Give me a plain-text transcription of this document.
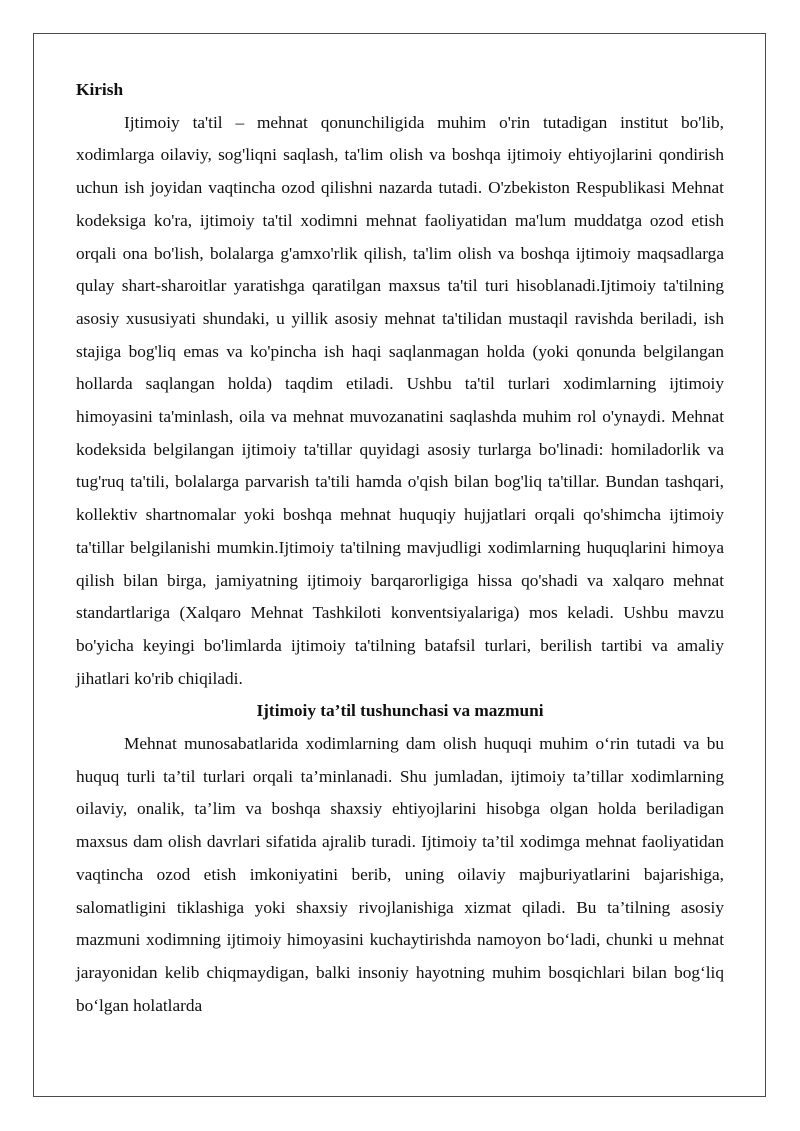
Kirish

Ijtimoiy ta'til – mehnat qonunchiligida muhim o'rin tutadigan institut bo'lib, xodimlarga oilaviy, sog'liqni saqlash, ta'lim olish va boshqa ijtimoiy ehtiyojlarini qondirish uchun ish joyidan vaqtincha ozod qilishni nazarda tutadi. O'zbekiston Respublikasi Mehnat kodeksiga ko'ra, ijtimoiy ta'til xodimni mehnat faoliyatidan ma'lum muddatga ozod etish orqali ona bo'lish, bolalarga g'amxo'rlik qilish, ta'lim olish va boshqa ijtimoiy maqsadlarga qulay shart-sharoitlar yaratishga qaratilgan maxsus ta'til turi hisoblanadi.Ijtimoiy ta'tilning asosiy xususiyati shundaki, u yillik asosiy mehnat ta'tilidan mustaqil ravishda beriladi, ish stajiga bog'liq emas va ko'pincha ish haqi saqlanmagan holda (yoki qonunda belgilangan hollarda saqlangan holda) taqdim etiladi. Ushbu ta'til turlari xodimlarning ijtimoiy himoyasini ta'minlash, oila va mehnat muvozanatini saqlashda muhim rol o'ynaydi. Mehnat kodeksida belgilangan ijtimoiy ta'tillar quyidagi asosiy turlarga bo'linadi: homiladorlik va tug'ruq ta'tili, bolalarga parvarish ta'tili hamda o'qish bilan bog'liq ta'tillar. Bundan tashqari, kollektiv shartnomalar yoki boshqa mehnat huquqiy hujjatlari orqali qo'shimcha ijtimoiy ta'tillar belgilanishi mumkin.Ijtimoiy ta'tilning mavjudligi xodimlarning huquqlarini himoya qilish bilan birga, jamiyatning ijtimoiy barqarorligiga hissa qo'shadi va xalqaro mehnat standartlariga (Xalqaro Mehnat Tashkiloti konventsiyalariga) mos keladi. Ushbu mavzu bo'yicha keyingi bo'limlarda ijtimoiy ta'tilning batafsil turlari, berilish tartibi va amaliy jihatlari ko'rib chiqiladi.

Ijtimoiy ta’til tushunchasi va mazmuni

Mehnat munosabatlarida xodimlarning dam olish huquqi muhim oʻrin tutadi va bu huquq turli ta’til turlari orqali ta’minlanadi. Shu jumladan, ijtimoiy ta’tillar xodimlarning oilaviy, onalik, ta’lim va boshqa shaxsiy ehtiyojlarini hisobga olgan holda beriladigan maxsus dam olish davrlari sifatida ajralib turadi. Ijtimoiy ta’til xodimga mehnat faoliyatidan vaqtincha ozod etish imkoniyatini berib, uning oilaviy majburiyatlarini bajarishiga, salomatligini tiklashiga yoki shaxsiy rivojlanishiga xizmat qiladi. Bu ta’tilning asosiy mazmuni xodimning ijtimoiy himoyasini kuchaytirishda namoyon boʻladi, chunki u mehnat jarayonidan kelib chiqmaydigan, balki insoniy hayotning muhim bosqichlari bilan bogʻliq boʻlgan holatlarda
